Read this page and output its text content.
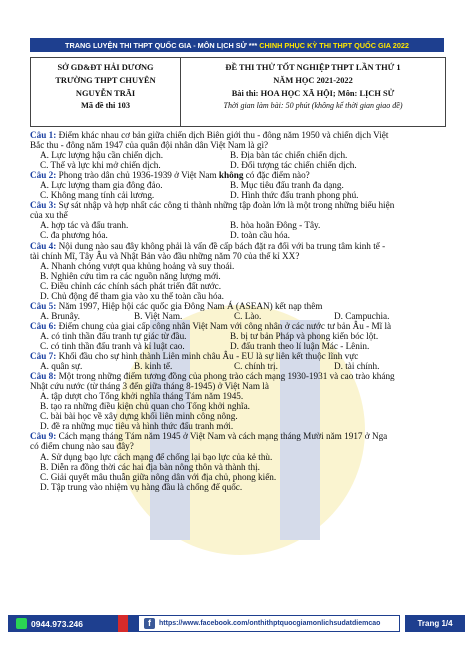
TRANG LUYỆN THI THPT QUỐC GIA - MÔN LỊCH SỬ *** CHINH PHỤC KỲ THI THPT QUỐC GIA 2022
SỞ GD&ĐT HẢI DƯƠNG
TRƯỜNG THPT CHUYÊN
NGUYỄN TRÃI
Mã đề thi 103
ĐỀ THI THỬ TỐT NGHIỆP THPT LẦN THỨ 1
NĂM HỌC 2021-2022
Bài thi: HOA HỌC XÃ HỘI; Môn: LỊCH SỬ
Thời gian làm bài: 50 phút (không kể thời gian giao đề)
Câu 1: Điểm khác nhau cơ bản giữa chiến dịch Biên giới thu - đông năm 1950 và chiến dịch Việt
Bắc thu - đông năm 1947 của quân đội nhân dân Việt Nam là gì?
A. Lực lượng hậu cần chiến dịch.	B. Địa bàn tác chiến chiến dịch.
C. Thế và lực khi mở chiến dịch.	D. Đối tượng tác chiến chiến dịch.
Câu 2: Phong trào dân chủ 1936-1939 ở Việt Nam không có đặc điểm nào?
A. Lực lượng tham gia đông đảo.	B. Mục tiêu đấu tranh đa dạng.
C. Không mang tính cải lương.	D. Hình thức đấu tranh phong phú.
Câu 3: Sự sát nhập và hợp nhất các công ti thành những tập đoàn lớn là một trong những biểu hiện
của xu thế
A. hợp tác và đấu tranh.	B. hòa hoãn Đông - Tây.
C. đa phương hóa.	D. toàn cầu hóa.
Câu 4: Nội dung nào sau đây không phải là vấn đề cấp bách đặt ra đối với ba trung tâm kinh tế -
tài chính Mĩ, Tây Âu và Nhật Bản vào đầu những năm 70 của thế kỉ XX?
A. Nhanh chóng vượt qua khủng hoảng và suy thoái.
B. Nghiên cứu tìm ra các nguồn năng lượng mới.
C. Điều chỉnh các chính sách phát triển đất nước.
D. Chủ động để tham gia vào xu thế toàn cầu hóa.
Câu 5: Năm 1997, Hiệp hội các quốc gia Đông Nam Á (ASEAN) kết nạp thêm
A. Brunây.	B. Việt Nam.	C. Lào.	D. Campuchia.
Câu 6: Điểm chung của giai cấp công nhân Việt Nam với công nhân ở các nước tư bản Âu - Mĩ là
A. có tinh thần đấu tranh tự giác từ đầu.	B. bị tư bản Pháp và phong kiến bóc lột.
C. có tinh thần đấu tranh và kỉ luật cao.	D. đấu tranh theo lí luận Mác - Lênin.
Câu 7: Khối đầu cho sự hình thành Liên minh châu Âu - EU là sự liên kết thuộc lĩnh vực
A. quân sự.	B. kinh tế.	C. chính trị.	D. tài chính.
Câu 8: Một trong những điểm tương đồng của phong trào cách mạng 1930-1931 và cao trào kháng
Nhật cứu nước (từ tháng 3 đến giữa tháng 8-1945) ở Việt Nam là
A. tập dượt cho Tổng khởi nghĩa tháng Tám năm 1945.
B. tạo ra những điều kiện chủ quan cho Tổng khởi nghĩa.
C. bài bài học về xây dựng khối liên minh công nông.
D. đề ra những mục tiêu và hình thức đấu tranh mới.
Câu 9: Cách mạng tháng Tám năm 1945 ở Việt Nam và cách mạng tháng Mười năm 1917 ở Nga
có điểm chung nào sau đây?
A. Sử dụng bạo lực cách mạng để chống lại bạo lực của kẻ thù.
B. Diễn ra đồng thời các hai địa bàn nông thôn và thành thị.
C. Giải quyết mâu thuẫn giữa nông dân với địa chủ, phong kiến.
D. Tập trung vào nhiệm vụ hàng đầu là chống đế quốc.
0944.973.246	f	https://www.facebook.com/onthithptquocgiamonlichsudatdiemcao	Trang 1/4
